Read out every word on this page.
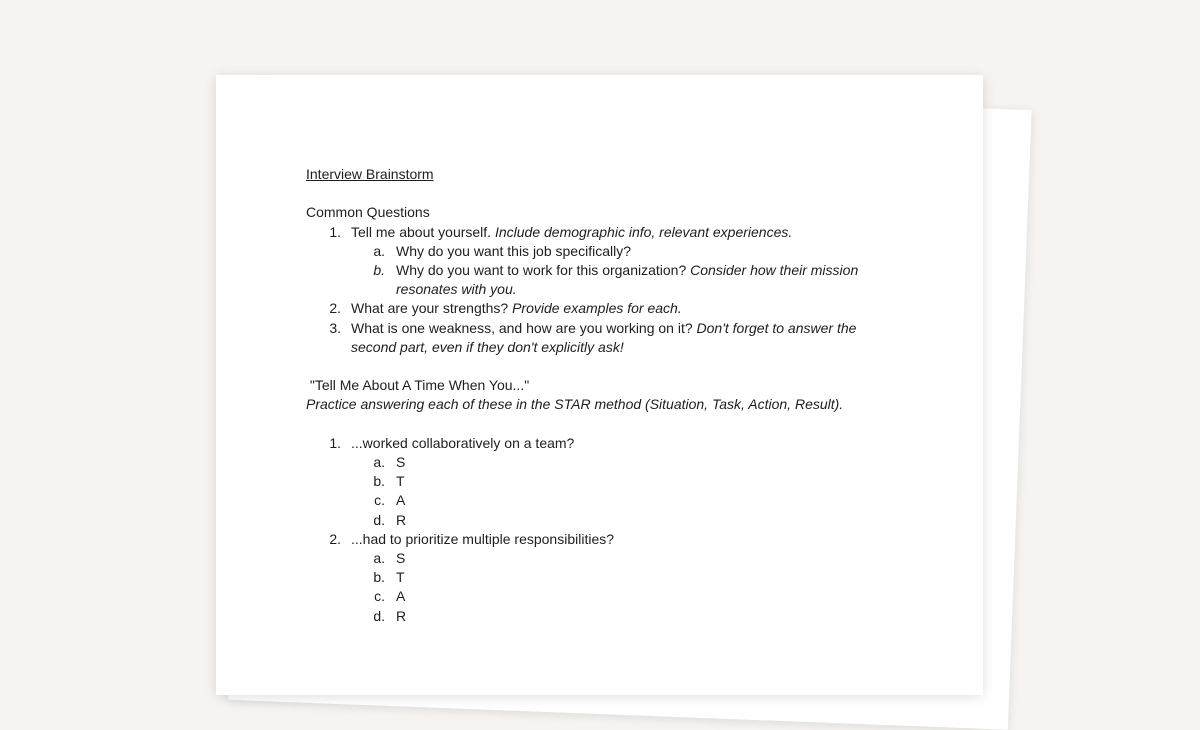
Interview Brainstorm
Common Questions
1. Tell me about yourself. Include demographic info, relevant experiences.
a. Why do you want this job specifically?
b. Why do you want to work for this organization? Consider how their mission
resonates with you.
2. What are your strengths? Provide examples for each.
3. What is one weakness, and how are you working on it? Don't forget to answer the
second part, even if they don't explicitly ask!
"Tell Me About A Time When You..."
Practice answering each of these in the STAR method (Situation, Task, Action, Result).
1. ...worked collaboratively on a team?
a. S
b. T
c. A
d. R
2. ...had to prioritize multiple responsibilities?
a. S
b. T
c. A
d. R
